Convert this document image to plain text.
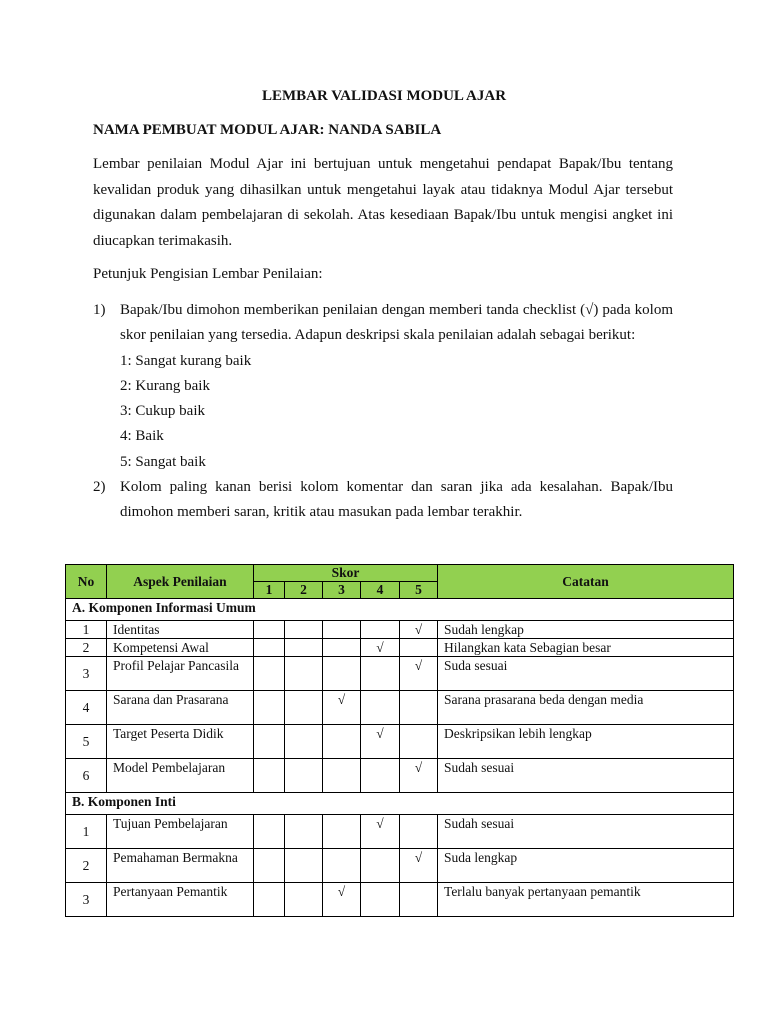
LEMBAR VALIDASI MODUL AJAR
NAMA PEMBUAT MODUL AJAR: NANDA SABILA
Lembar penilaian Modul Ajar ini bertujuan untuk mengetahui pendapat Bapak/Ibu tentang kevalidan produk yang dihasilkan untuk mengetahui layak atau tidaknya Modul Ajar tersebut digunakan dalam pembelajaran di sekolah. Atas kesediaan Bapak/Ibu untuk mengisi angket ini diucapkan terimakasih.
Petunjuk Pengisian Lembar Penilaian:
1) Bapak/Ibu dimohon memberikan penilaian dengan memberi tanda checklist (√) pada kolom skor penilaian yang tersedia. Adapun deskripsi skala penilaian adalah sebagai berikut:
1: Sangat kurang baik
2: Kurang baik
3: Cukup baik
4: Baik
5: Sangat baik
2) Kolom paling kanan berisi kolom komentar dan saran jika ada kesalahan. Bapak/Ibu dimohon memberi saran, kritik atau masukan pada lembar terakhir.
No	Aspek Penilaian	Skor					Catatan
		1	2	3	4	5	
A. Komponen Informasi Umum							
1	Identitas					√	Sudah lengkap
2	Kompetensi Awal				√		Hilangkan kata Sebagian besar
3	Profil Pelajar Pancasila					√	Suda sesuai
4	Sarana dan Prasarana			√			Sarana prasarana beda dengan media
5	Target Peserta Didik				√		Deskripsikan lebih lengkap
6	Model Pembelajaran					√	Sudah sesuai
B. Komponen Inti							
1	Tujuan Pembelajaran				√		Sudah sesuai
2	Pemahaman Bermakna					√	Suda lengkap
3	Pertanyaan Pemantik			√			Terlalu banyak pertanyaan pemantik
